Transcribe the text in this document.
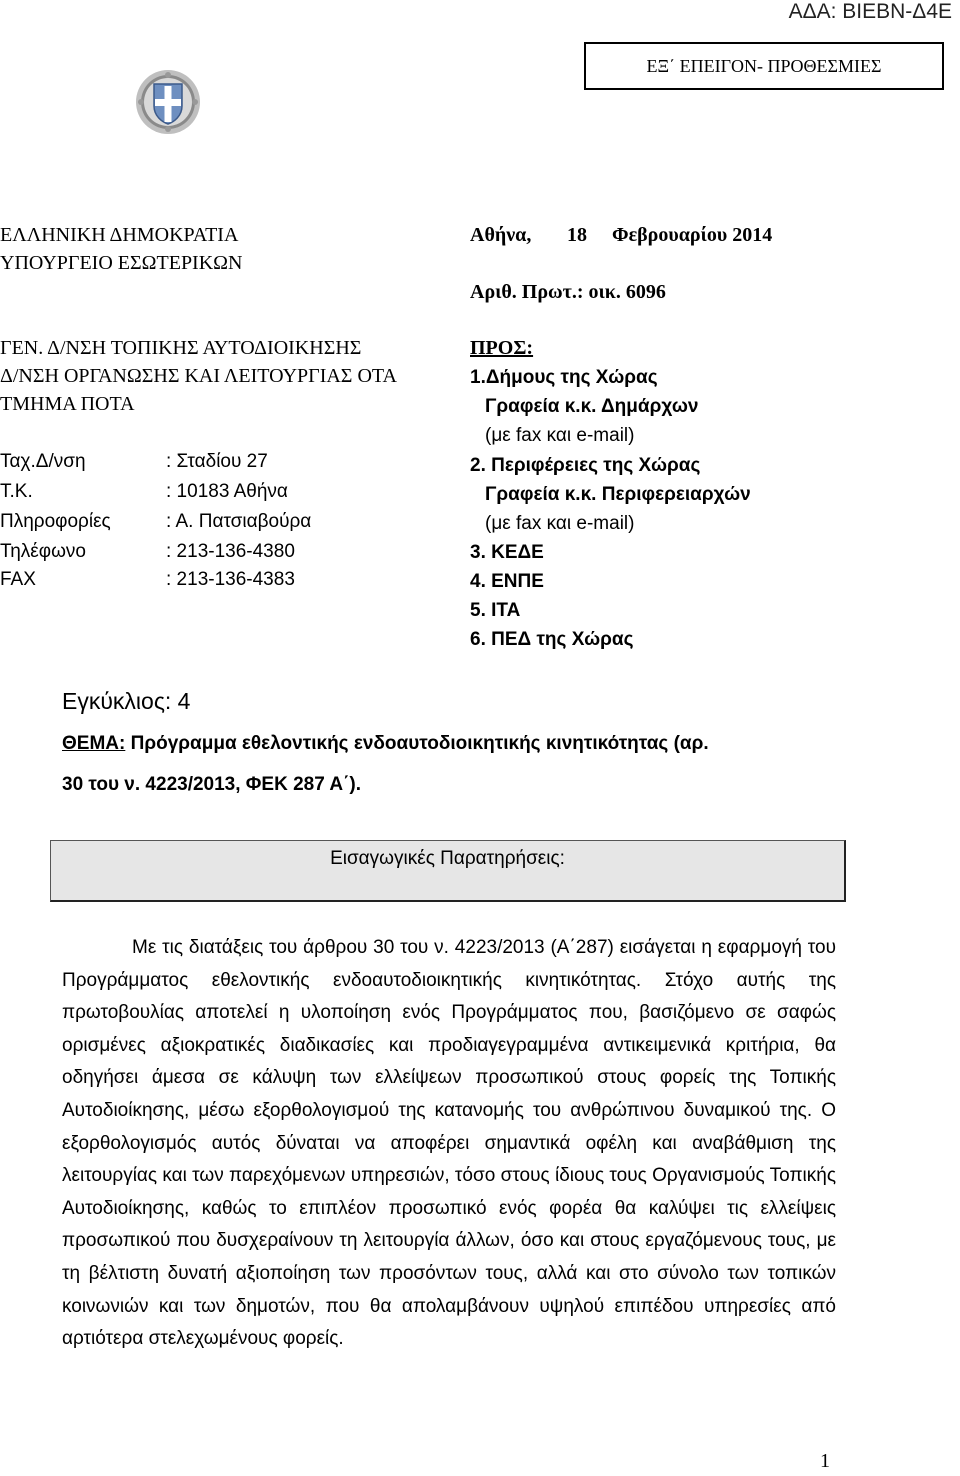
ΑΔΑ: ΒΙΕΒΝ-Δ4Ε
ΕΞ΄ ΕΠΕΙΓΟΝ- ΠΡΟΘΕΣΜΙΕΣ
ΕΛΛΗΝΙΚΗ ΔΗΜΟΚΡΑΤΙΑ
ΥΠΟΥΡΓΕΙΟ ΕΣΩΤΕΡΙΚΩΝ
ΓΕΝ. Δ/ΝΣΗ ΤΟΠΙΚΗΣ ΑΥΤΟΔΙΟΙΚΗΣΗΣ
Δ/ΝΣΗ ΟΡΓΑΝΩΣΗΣ ΚΑΙ ΛΕΙΤΟΥΡΓΙΑΣ ΟΤΑ
ΤΜΗΜΑ ΠΟΤΑ
Ταχ.Δ/νση	: Σταδίου 27
Τ.Κ.	: 10183 Αθήνα
Πληροφορίες	: Α. Πατσιαβούρα
Τηλέφωνο	: 213-136-4380
FAX	: 213-136-4383
Αθήνα, 18 Φεβρουαρίου 2014
Αριθ. Πρωτ.: οικ. 6096
ΠΡΟΣ:
1.Δήμους της Χώρας
Γραφεία κ.κ. Δημάρχων
(με fax και e-mail)
2. Περιφέρειες της Χώρας
Γραφεία κ.κ. Περιφερειαρχών
(με fax και e-mail)
3. ΚΕΔΕ
4. ΕΝΠΕ
5. ΙΤΑ
6. ΠΕΔ της Χώρας
Εγκύκλιος: 4
ΘΕΜΑ: Πρόγραμμα εθελοντικής ενδοαυτοδιοικητικής κινητικότητας (αρ.
30 του ν. 4223/2013, ΦΕΚ 287 Α΄).
Εισαγωγικές Παρατηρήσεις:
Με τις διατάξεις του άρθρου 30 του ν. 4223/2013 (Α΄287) εισάγεται η εφαρμογή του Προγράμματος εθελοντικής ενδοαυτοδιοικητικής κινητικότητας. Στόχο αυτής της πρωτοβουλίας αποτελεί η υλοποίηση ενός Προγράμματος που, βασιζόμενο σε σαφώς ορισμένες αξιοκρατικές διαδικασίες και προδιαγεγραμμένα αντικειμενικά κριτήρια, θα οδηγήσει άμεσα σε κάλυψη των ελλείψεων προσωπικού στους φορείς της Τοπικής Αυτοδιοίκησης, μέσω εξορθολογισμού της κατανομής του ανθρώπινου δυναμικού της. Ο εξορθολογισμός αυτός δύναται να αποφέρει σημαντικά οφέλη και αναβάθμιση της λειτουργίας και των παρεχόμενων υπηρεσιών, τόσο στους ίδιους τους Οργανισμούς Τοπικής Αυτοδιοίκησης, καθώς το επιπλέον προσωπικό ενός φορέα θα καλύψει τις ελλείψεις προσωπικού που δυσχεραίνουν τη λειτουργία άλλων, όσο και στους εργαζόμενους τους, με τη βέλτιστη δυνατή αξιοποίηση των προσόντων τους, αλλά και στο σύνολο των τοπικών κοινωνιών και των δημοτών, που θα απολαμβάνουν υψηλού επιπέδου υπηρεσίες από αρτιότερα στελεχωμένους φορείς.
1
